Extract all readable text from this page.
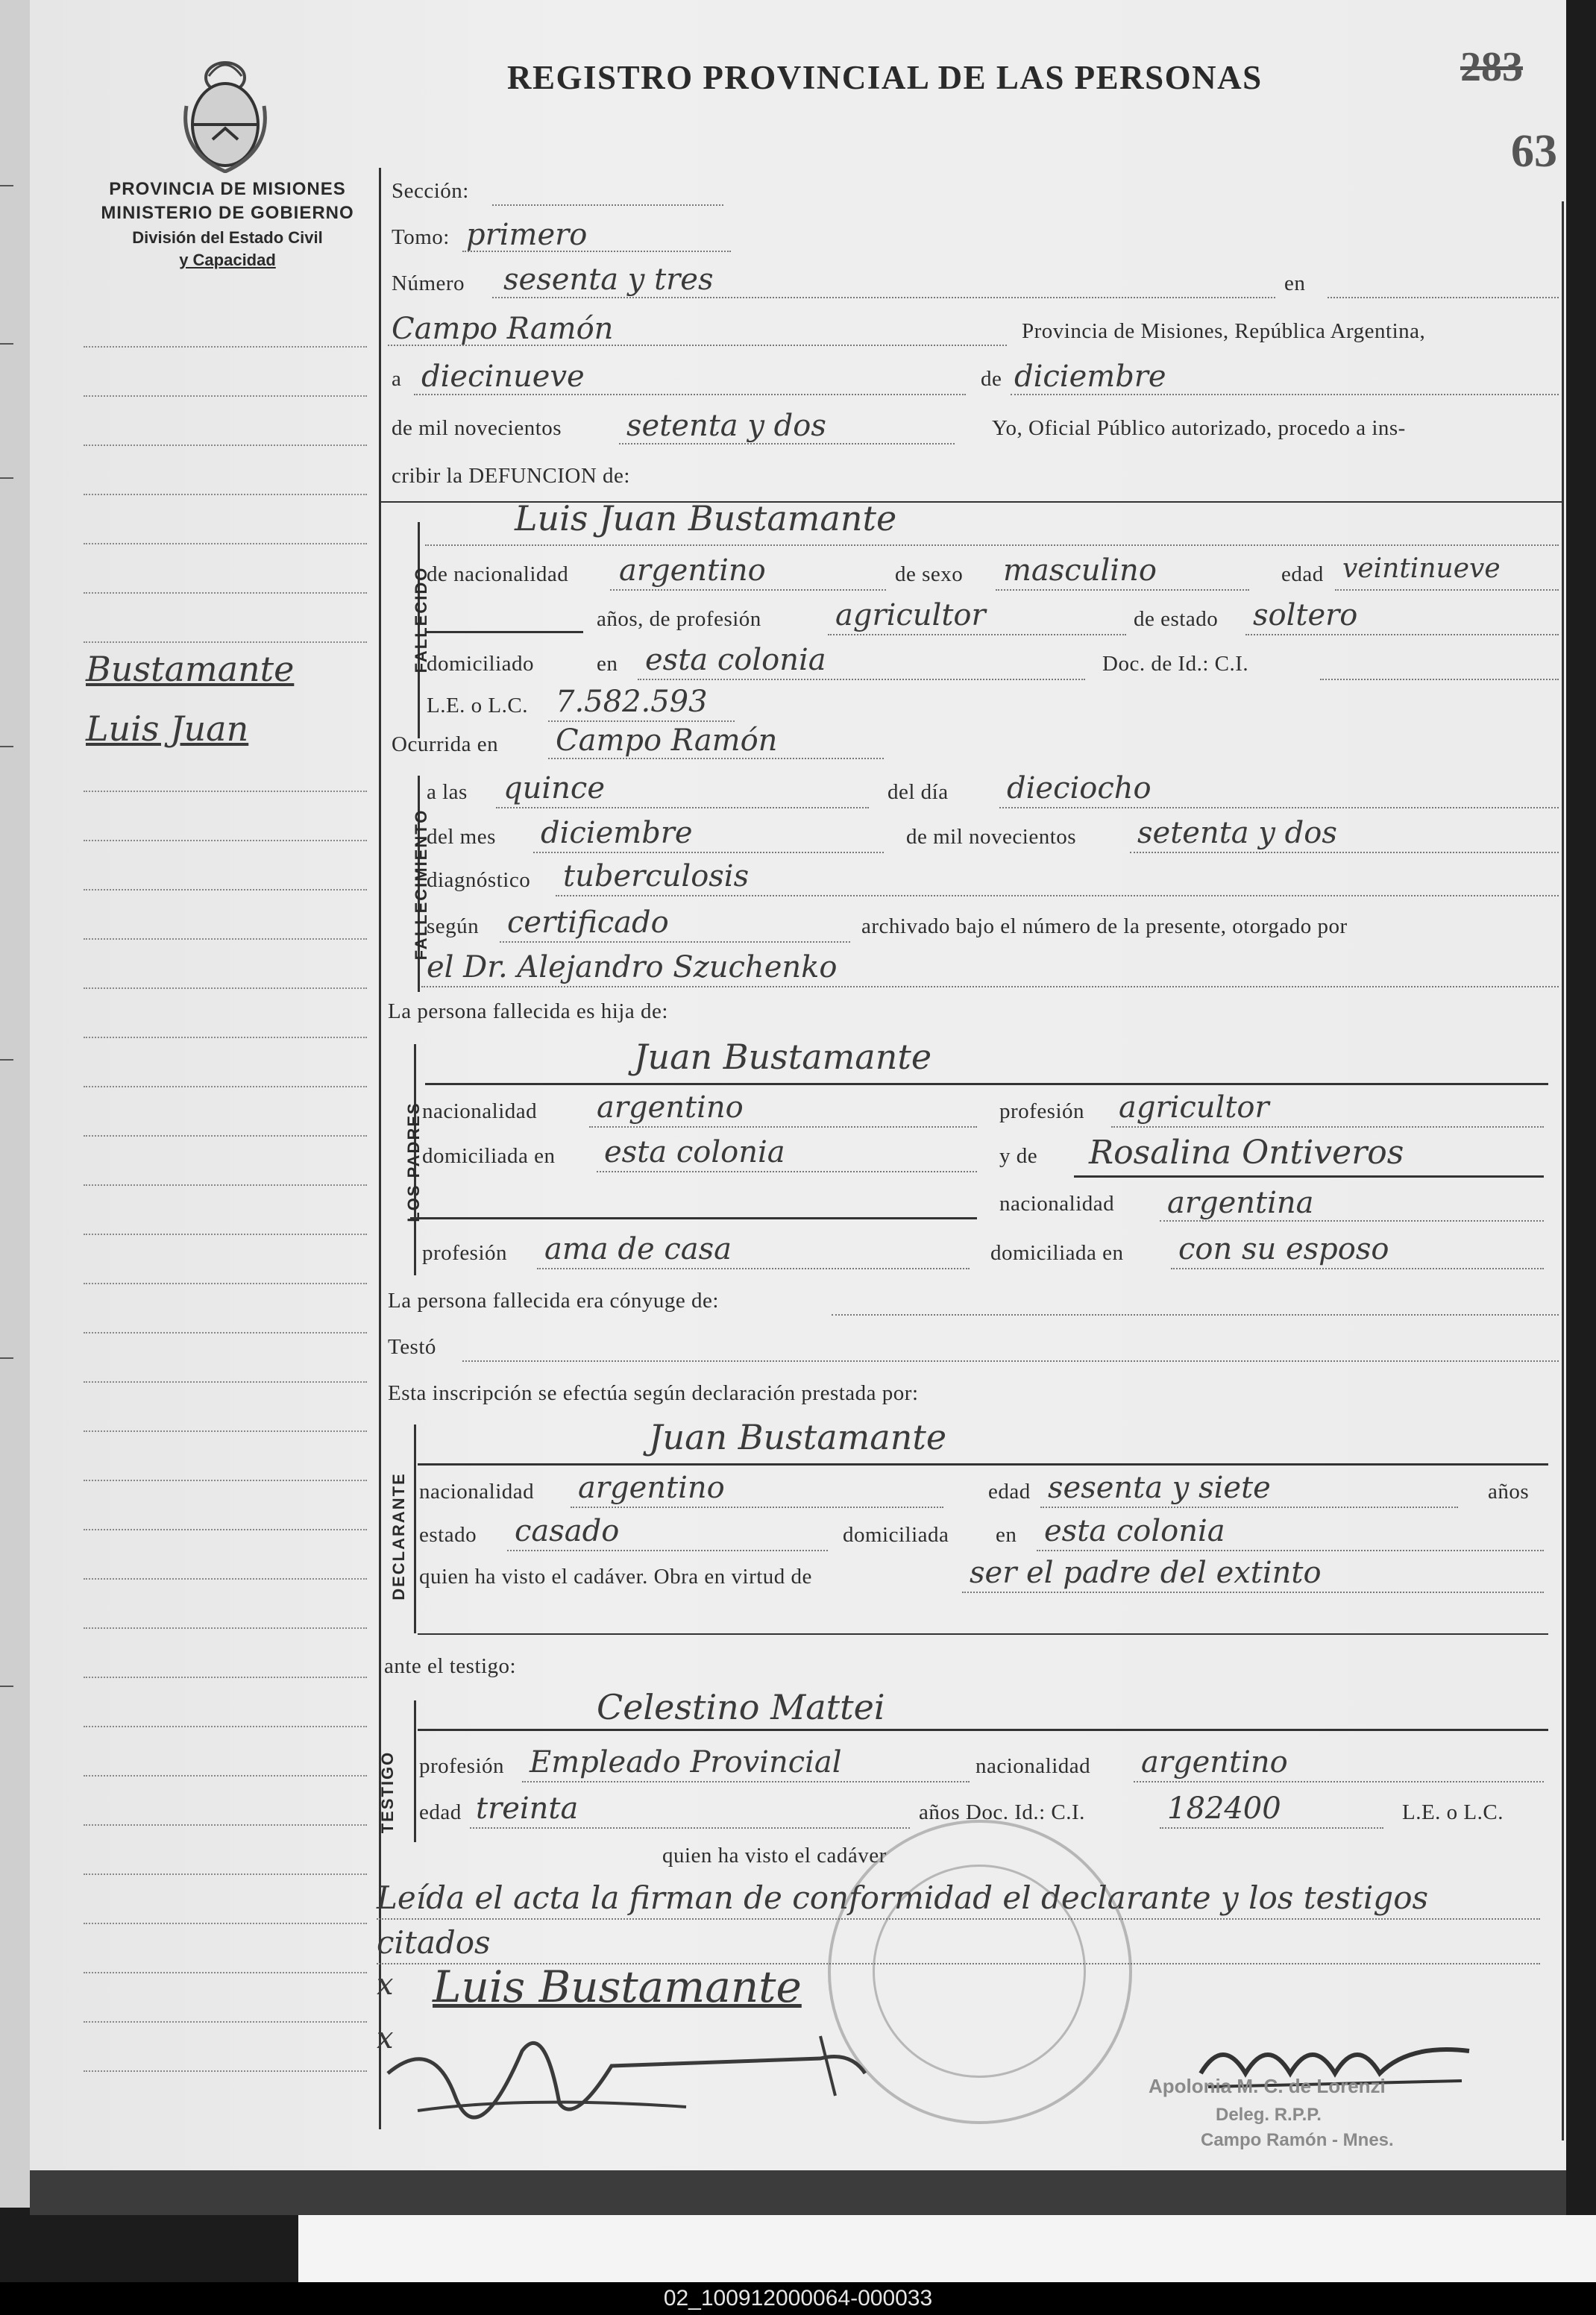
REGISTRO PROVINCIAL DE LAS PERSONAS	283
63
PROVINCIA DE MISIONES
MINISTERIO DE GOBIERNO
División del Estado Civil
y Capacidad
Bustamante
Luis Juan
Sección:
Tomo: primero
Número sesenta y tres	en
Campo Ramón	Provincia de Misiones, República Argentina,
a diecinueve	de diciembre
de mil novecientos setenta y dos	Yo, Oficial Público autorizado, procedo a ins-
cribir la DEFUNCION de:
FALLECIDO
Luis Juan Bustamante
de nacionalidad argentino	de sexo masculino	edad veintinueve
años, de profesión agricultor	de estado soltero
domiciliado	en esta colonia	Doc. de Id.: C.I.
L.E. o L.C. 7.582.593
Ocurrida en Campo Ramón
FALLECIMIENTO
a las quince	del día dieciocho
del mes diciembre	de mil novecientos setenta y dos
diagnóstico tuberculosis
según certificado	archivado bajo el número de la presente, otorgado por
el Dr. Alejandro Szuchenko
La persona fallecida es hija de:
LOS PADRES
Juan Bustamante
nacionalidad argentino	profesión agricultor
domiciliada en esta colonia	y de Rosalina Ontiveros
nacionalidad argentina
profesión ama de casa	domiciliada en con su esposo
La persona fallecida era cónyuge de:
Testó
Esta inscripción se efectúa según declaración prestada por:
DECLARANTE
Juan Bustamante
nacionalidad argentino	edad sesenta y siete	años
estado casado	domiciliada en esta colonia
quien ha visto el cadáver. Obra en virtud de	ser el padre del extinto
ante el testigo:
TESTIGO
Celestino Mattei
profesión Empleado Provincial	nacionalidad argentino
edad treinta	años Doc. Id.: C.I.	182400	L.E. o L.C.
quien ha visto el cadáver
Leída el acta la firman de conformidad el declarante y los testigos
citados
x Luis Bustamante
x
Apolonia M. C. de Lorenzi
Deleg. R.P.P.
Campo Ramón - Mnes.
02_100912000064-000033
